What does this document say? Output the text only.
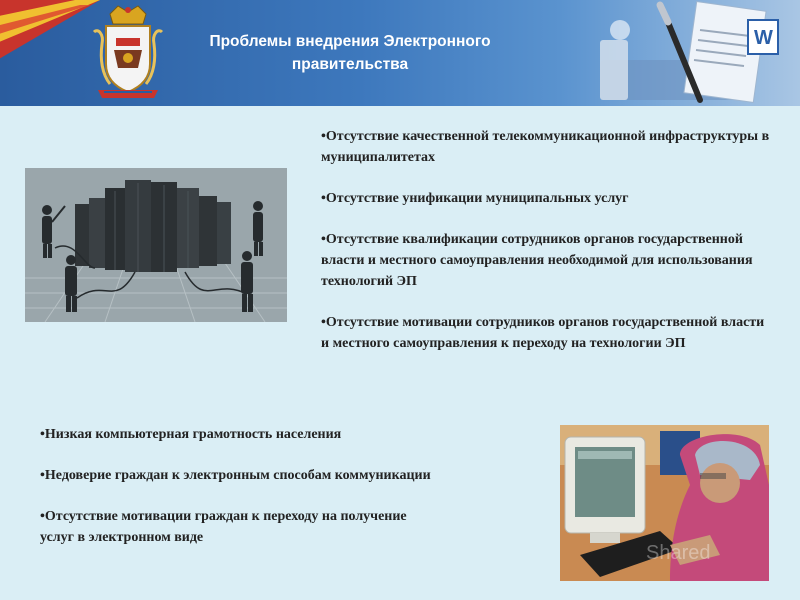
Проблемы внедрения Электронного
правительства
W
•Отсутствие качественной телекоммуникационной инфраструктуры в муниципалитетах
•Отсутствие унификации муниципальных услуг
•Отсутствие квалификации сотрудников органов государственной власти и местного самоуправления необходимой для использования технологий ЭП
•Отсутствие мотивации сотрудников органов государственной власти и местного самоуправления к переходу на технологии ЭП
•Низкая компьютерная грамотность населения
•Недоверие граждан к электронным способам коммуникации
•Отсутствие мотивации граждан к переходу на получение услуг в электронном виде
Shared
